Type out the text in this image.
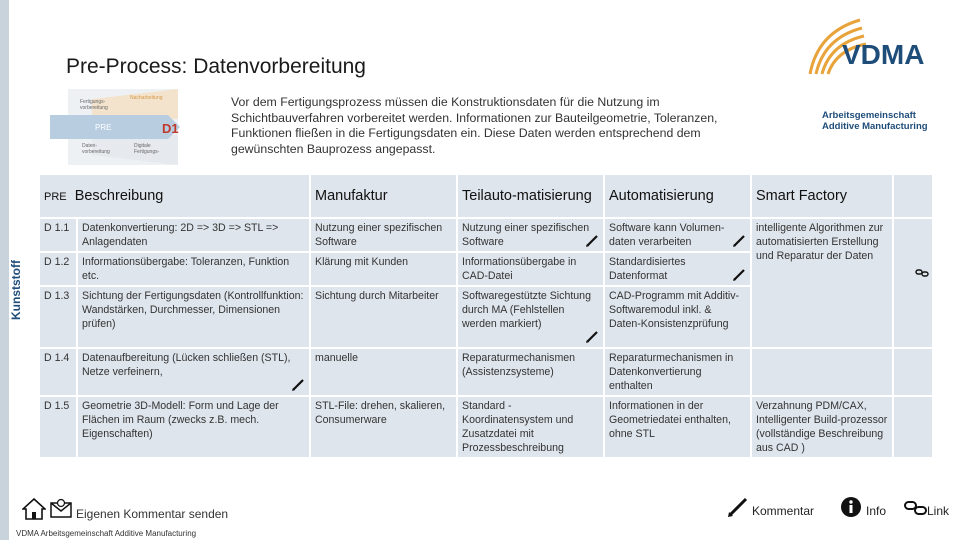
Pre-Process: Datenvorbereitung
Fertigungs-
vorbereitung
Nacharbeitung
PRE	D1
Daten-
vorbereitung
Digitale
Fertigungs-
Vor dem Fertigungsprozess müssen die Konstruktionsdaten für die Nutzung im Schichtbauverfahren vorbereitet werden. Informationen zur Bauteilgeometrie, Toleranzen, Funktionen fließen in die Fertigungsdaten ein. Diese Daten werden entsprechend dem gewünschten Bauprozess angepasst.
VDMA
Arbeitsgemeinschaft
Additive Manufacturing
Kunststoff
PRE Beschreibung		Manufaktur	Teilauto-matisierung	Automatisierung	Smart Factory	
D 1.1	Datenkonvertierung: 2D => 3D => STL => Anlagendaten	Nutzung einer spezifischen Software	Nutzung einer spezifischen Software	Software kann Volumen-daten verarbeiten	intelligente Algorithmen zur automatisierten Erstellung und Reparatur der Daten	

D 1.2	Informationsübergabe: Toleranzen, Funktion etc.	Klärung mit Kunden	Informationsübergabe in CAD-Datei	Standardisiertes Datenformat		

D 1.3	Sichtung der Fertigungsdaten (Kontrollfunktion: Wandstärken, Durchmesser, Dimensionen prüfen)	Sichtung durch Mitarbeiter	Softwaregestützte Sichtung durch MA (Fehlstellen werden markiert)	CAD-Programm mit Additiv-Softwaremodul inkl. & Daten-Konsistenzprüfung		
D 1.4	Datenaufbereitung (Lücken schließen (STL), Netze verfeinern,	manuelle	Reparaturmechanismen (Assistenzsysteme)	Reparaturmechanismen in Datenkonvertierung enthalten		
D 1.5	Geometrie 3D-Modell: Form und Lage der Flächen im Raum (zwecks z.B. mech. Eigenschaften)	STL-File: drehen, skalieren, Consumerware	Standard - Koordinatensystem und Zusatzdatei mit Prozessbeschreibung	Informationen in der Geometriedatei enthalten, ohne STL	Verzahnung PDM/CAX, Intelligenter Build-prozessor (vollständige Beschreibung aus CAD )	
Eigenen Kommentar senden
VDMA Arbeitsgemeinschaft Additive Manufacturing
Kommentar	Info	Link
